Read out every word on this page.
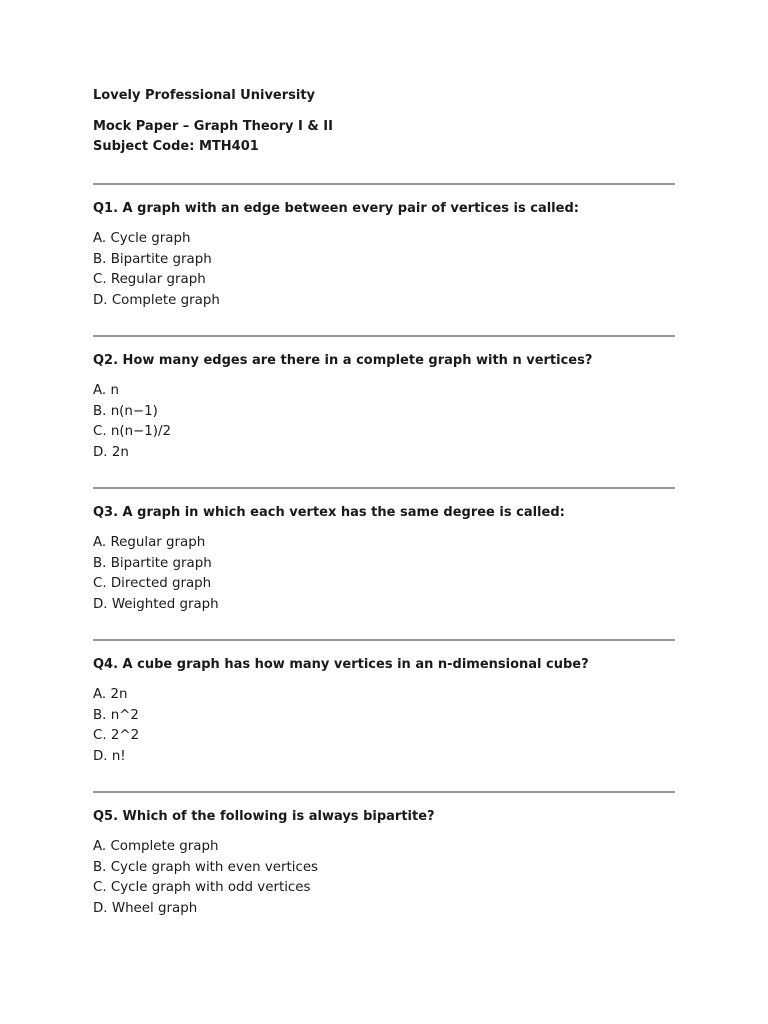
Lovely Professional University
Mock Paper – Graph Theory I & II
Subject Code: MTH401
Q1. A graph with an edge between every pair of vertices is called:
A. Cycle graph
B. Bipartite graph
C. Regular graph
D. Complete graph
Q2. How many edges are there in a complete graph with n vertices?
A. n
B. n(n−1)
C. n(n−1)/2
D. 2n
Q3. A graph in which each vertex has the same degree is called:
A. Regular graph
B. Bipartite graph
C. Directed graph
D. Weighted graph
Q4. A cube graph has how many vertices in an n-dimensional cube?
A. 2n
B. n^2
C. 2^2
D. n!
Q5. Which of the following is always bipartite?
A. Complete graph
B. Cycle graph with even vertices
C. Cycle graph with odd vertices
D. Wheel graph
